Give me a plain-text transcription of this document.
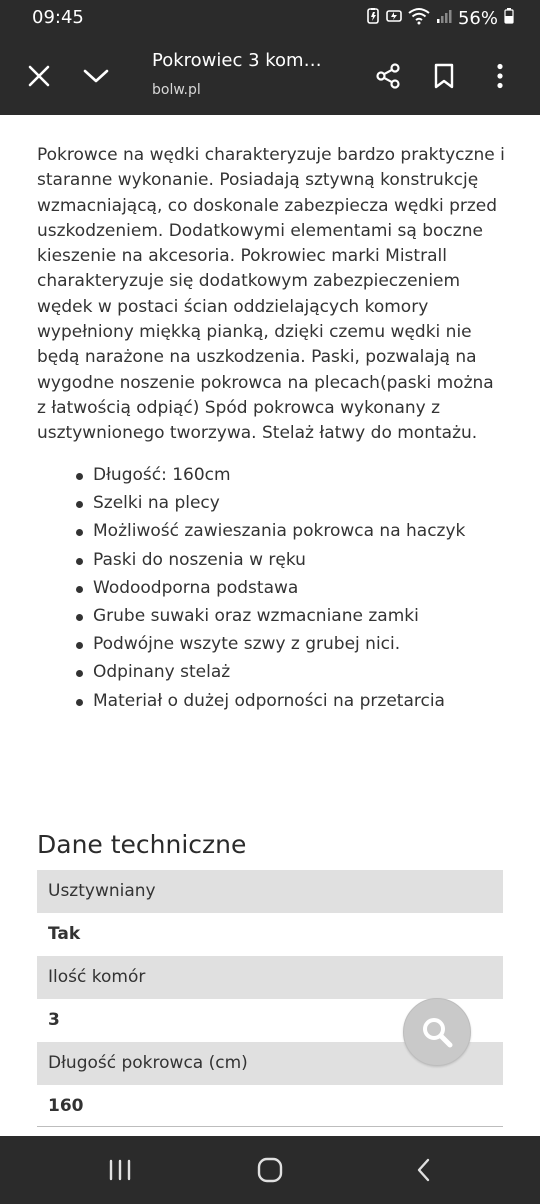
09:45	56%
Pokrowiec 3 kom…
bolw.pl

Pokrowce na wędki charakteryzuje bardzo praktyczne i staranne wykonanie. Posiadają sztywną konstrukcję wzmacniającą, co doskonale zabezpiecza wędki przed uszkodzeniem. Dodatkowymi elementami są boczne kieszenie na akcesoria. Pokrowiec marki Mistrall charakteryzuje się dodatkowym zabezpieczeniem wędek w postaci ścian oddzielających komory wypełniony miękką pianką, dzięki czemu wędki nie będą narażone na uszkodzenia. Paski, pozwalają na wygodne noszenie pokrowca na plecach(paski można z łatwością odpiąć) Spód pokrowca wykonany z usztywnionego tworzywa. Stelaż łatwy do montażu.

Długość: 160cm
Szelki na plecy
Możliwość zawieszania pokrowca na haczyk
Paski do noszenia w ręku
Wodoodporna podstawa
Grube suwaki oraz wzmacniane zamki
Podwójne wszyte szwy z grubej nici.
Odpinany stelaż
Materiał o dużej odporności na przetarcia
Dane techniczne
Usztywniany
Tak
Ilość komór
3
Długość pokrowca (cm)
160
